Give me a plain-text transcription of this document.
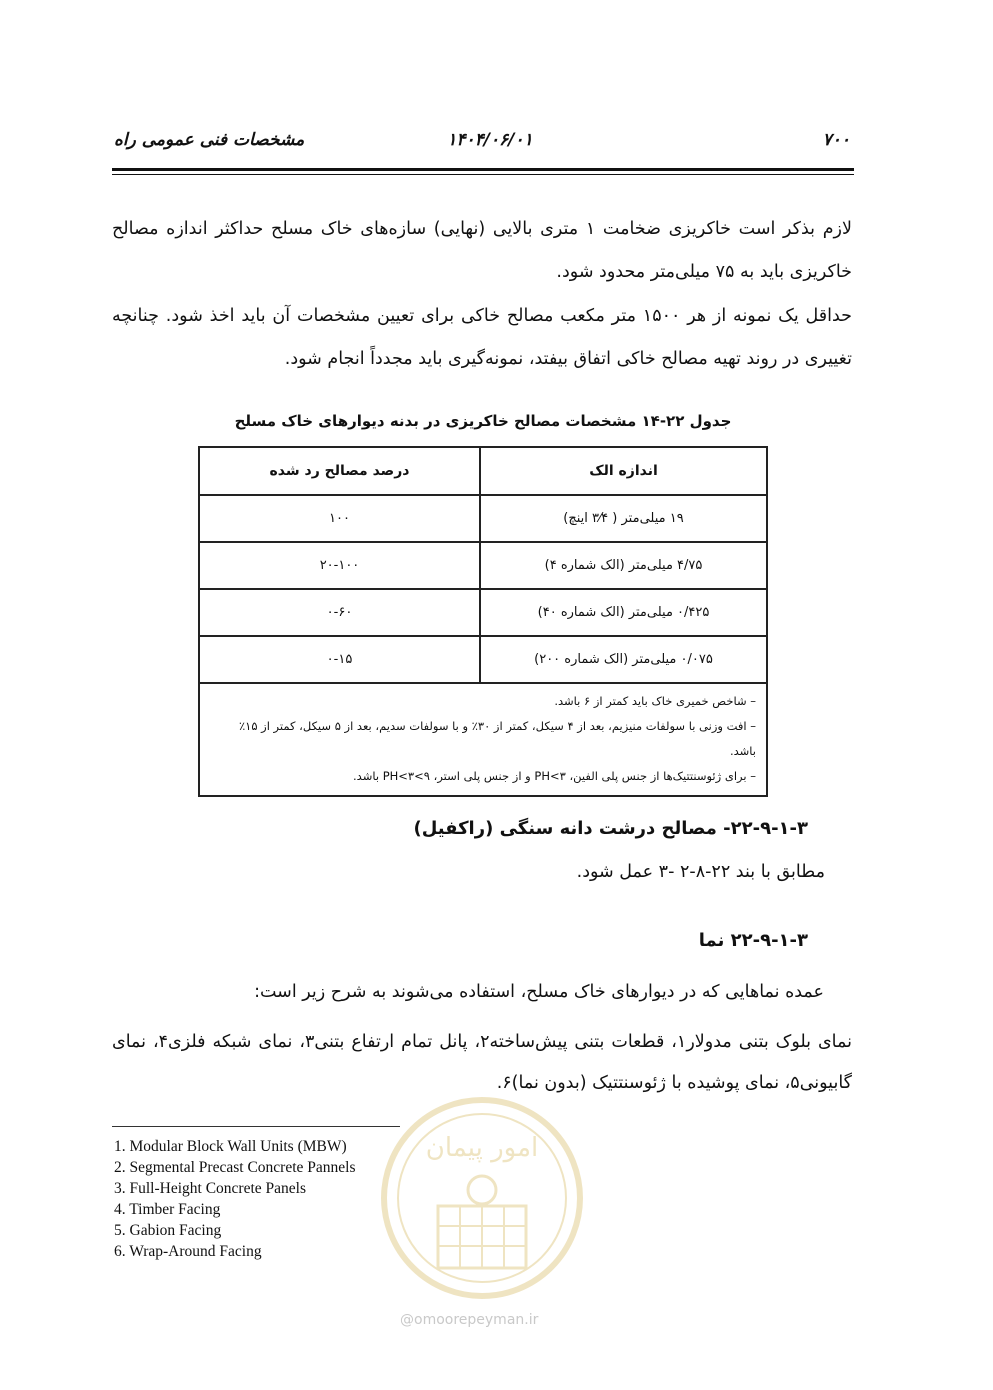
مشخصات فنی عمومی راه	۱۴۰۴/۰۶/۰۱	۷۰۰
لازم بذکر است خاکریزی ضخامت ۱ متری بالایی (نهایی) سازه‌های خاک مسلح حداکثر اندازه مصالح خاکریزی باید به ۷۵ میلی‌متر محدود شود.
حداقل یک نمونه از هر ۱۵۰۰ متر مکعب مصالح خاکی برای تعیین مشخصات آن باید اخذ شود. چنانچه تغییری در روند تهیه مصالح خاکی اتفاق بیفتد، نمونه‌گیری باید مجدداً انجام شود.
جدول ۲۲-۱۴ مشخصات مصالح خاکریزی در بدنه دیوارهای خاک مسلح
اندازه الک	درصد مصالح رد شده
۱۹ میلی‌متر ( ۳⁄۴ اینچ)	۱۰۰
۴/۷۵ میلی‌متر (الک شماره ۴)	۲۰-۱۰۰
۰/۴۲۵ میلی‌متر (الک شماره ۴۰)	۰-۶۰
۰/۰۷۵ میلی‌متر (الک شماره ۲۰۰)	۰-۱۵

– شاخص خمیری خاک باید کمتر از ۶ باشد.
– افت وزنی با سولفات منیزیم، بعد از ۴ سیکل، کمتر از ۳۰٪ و با سولفات سدیم، بعد از ۵ سیکل، کمتر از ۱۵٪ باشد.
– برای ژئوسنتتیک‌ها از جنس پلی الفین، PH<۳ و از جنس پلی استر، ۹>PH<۳ باشد.	
۲۲-۹-۱-۳- مصالح درشت دانه سنگی (راکفیل)
مطابق با بند ۲۲-۸-۲ -۳ عمل شود.
۲۲-۹-۱-۳ نما
عمده نماهایی که در دیوارهای خاک مسلح، استفاده می‌شوند به شرح زیر است:
نمای بلوک بتنی مدولار۱، قطعات بتنی پیش‌ساخته۲، پانل تمام ارتفاع بتنی۳، نمای شبکه فلزی۴، نمای گابیونی۵، نمای پوشیده با ژئوسنتتیک (بدون نما)۶.
1. Modular Block Wall Units (MBW)
2. Segmental Precast Concrete Pannels
3. Full-Height Concrete Panels
4. Timber Facing
5. Gabion Facing
6. Wrap-Around Facing
امور پیمان
@omoorepeyman.ir
